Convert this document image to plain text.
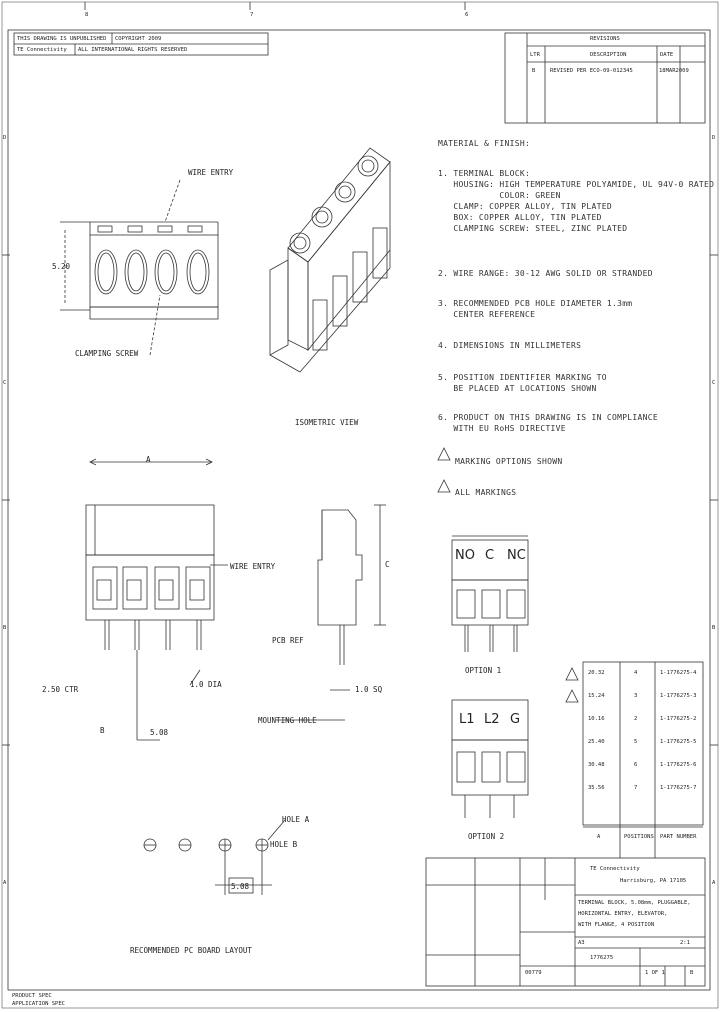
THIS DRAWING IS UNPUBLISHED COPYRIGHT 2009
TE Connectivity ALL INTERNATIONAL RIGHTS RESERVED
8	7	6
D
C
B
A
D
C
B
A
REVISIONS
LTR	DESCRIPTION	DATE
B	REVISED PER ECO-09-012345	18MAR2009
MATERIAL & FINISH:
1. TERMINAL BLOCK:
HOUSING: HIGH TEMPERATURE POLYAMIDE, UL 94V-0 RATED
COLOR: GREEN
CLAMP: COPPER ALLOY, TIN PLATED
BOX: COPPER ALLOY, TIN PLATED
CLAMPING SCREW: STEEL, ZINC PLATED
2. WIRE RANGE: 30-12 AWG SOLID OR STRANDED
3. RECOMMENDED PCB HOLE DIAMETER 1.3mm
CENTER REFERENCE
4. DIMENSIONS IN MILLIMETERS
5. POSITION IDENTIFIER MARKING TO
BE PLACED AT LOCATIONS SHOWN
6. PRODUCT ON THIS DRAWING IS IN COMPLIANCE
WITH EU RoHS DIRECTIVE
MARKING OPTIONS SHOWN
ALL MARKINGS
WIRE ENTRY
CLAMPING SCREW
5.20
ISOMETRIC VIEW
A
WIRE ENTRY	C
PCB REF
2.50 CTR
B	5.08
1.0 DIA
1.0 SQ
MOUNTING HOLE
HOLE A
HOLE B
5.08
RECOMMENDED PC BOARD LAYOUT
OPTION 1
OPTION 2
NO C NC
L1 L2 G
A	POSITIONS PART NUMBER
20.32	4	1-1776275-4
15.24	3	1-1776275-3
10.16	2	1-1776275-2
25.40	5	1-1776275-5
30.48	6	1-1776275-6
35.56	7	1-1776275-7
TE Connectivity
Harrisburg, PA 17105
TERMINAL BLOCK, 5.08mm, PLUGGABLE,
HORIZONTAL ENTRY, ELEVATOR,
WITH FLANGE, 4 POSITION
2:1
A3
1776275
1 OF 1	B
00779
PRODUCT SPEC
APPLICATION SPEC
